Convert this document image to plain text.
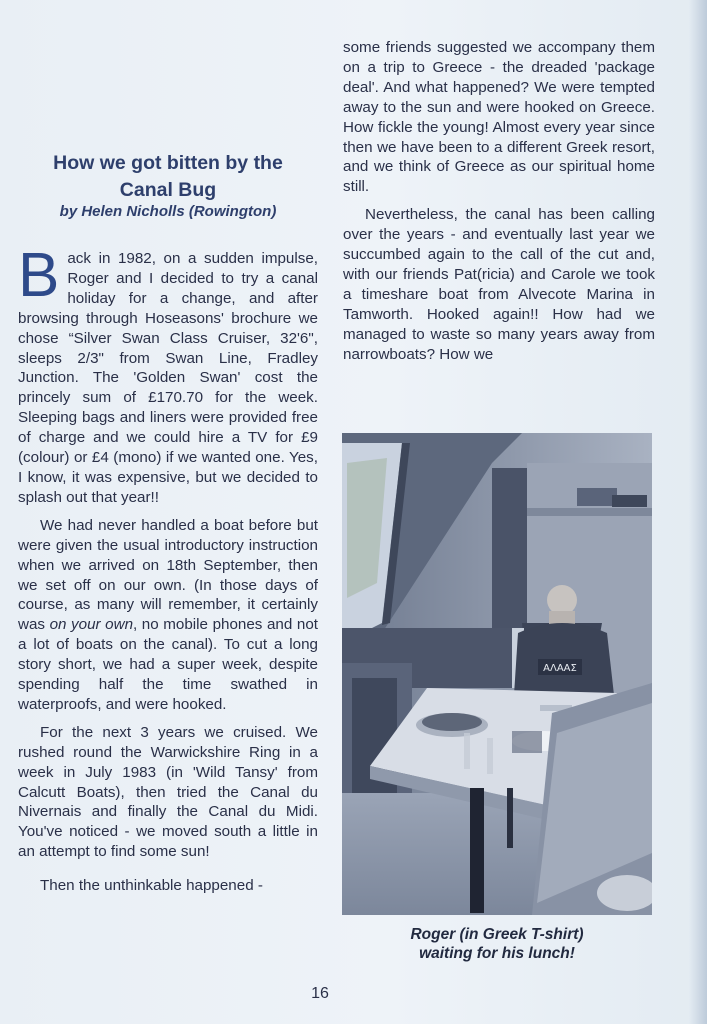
How we got bitten by the
Canal Bug
by Helen Nicholls (Rowington)

Back in 1982, on a sudden impulse, Roger and I decided to try a canal holiday for a change, and after browsing through Hoseasons' brochure we chose “Silver Swan Class Cruiser, 32'6", sleeps 2/3" from Swan Line, Fradley Junction. The 'Golden Swan' cost the princely sum of £170.70 for the week. Sleeping bags and liners were provided free of charge and we could hire a TV for £9 (colour) or £4 (mono) if we wanted one. Yes, I know, it was expensive, but we decided to splash out that year!!

We had never handled a boat before but were given the usual introductory instruction when we arrived on 18th September, then we set off on our own. (In those days of course, as many will remember, it certainly was on your own, no mobile phones and not a lot of boats on the canal). To cut a long story short, we had a super week, despite spending half the time swathed in waterproofs, and were hooked.

For the next 3 years we cruised. We rushed round the Warwickshire Ring in a week in July 1983 (in 'Wild Tansy' from Calcutt Boats), then tried the Canal du Nivernais and finally the Canal du Midi. You've noticed - we moved south a little in an attempt to find some sun!

Then the unthinkable happened -

some friends suggested we accompany them on a trip to Greece - the dreaded 'package deal'. And what happened? We were tempted away to the sun and were hooked on Greece. How fickle the young! Almost every year since then we have been to a different Greek resort, and we think of Greece as our spiritual home still.

Nevertheless, the canal has been calling over the years - and eventually last year we succumbed again to the call of the cut and, with our friends Pat(ricia) and Carole we took a timeshare boat from Alvecote Marina in Tamworth. Hooked again!! How had we managed to waste so many years away from narrowboats? How we

ΑΛΑΑΣ
Roger (in Greek T-shirt)
waiting for his lunch!
16
